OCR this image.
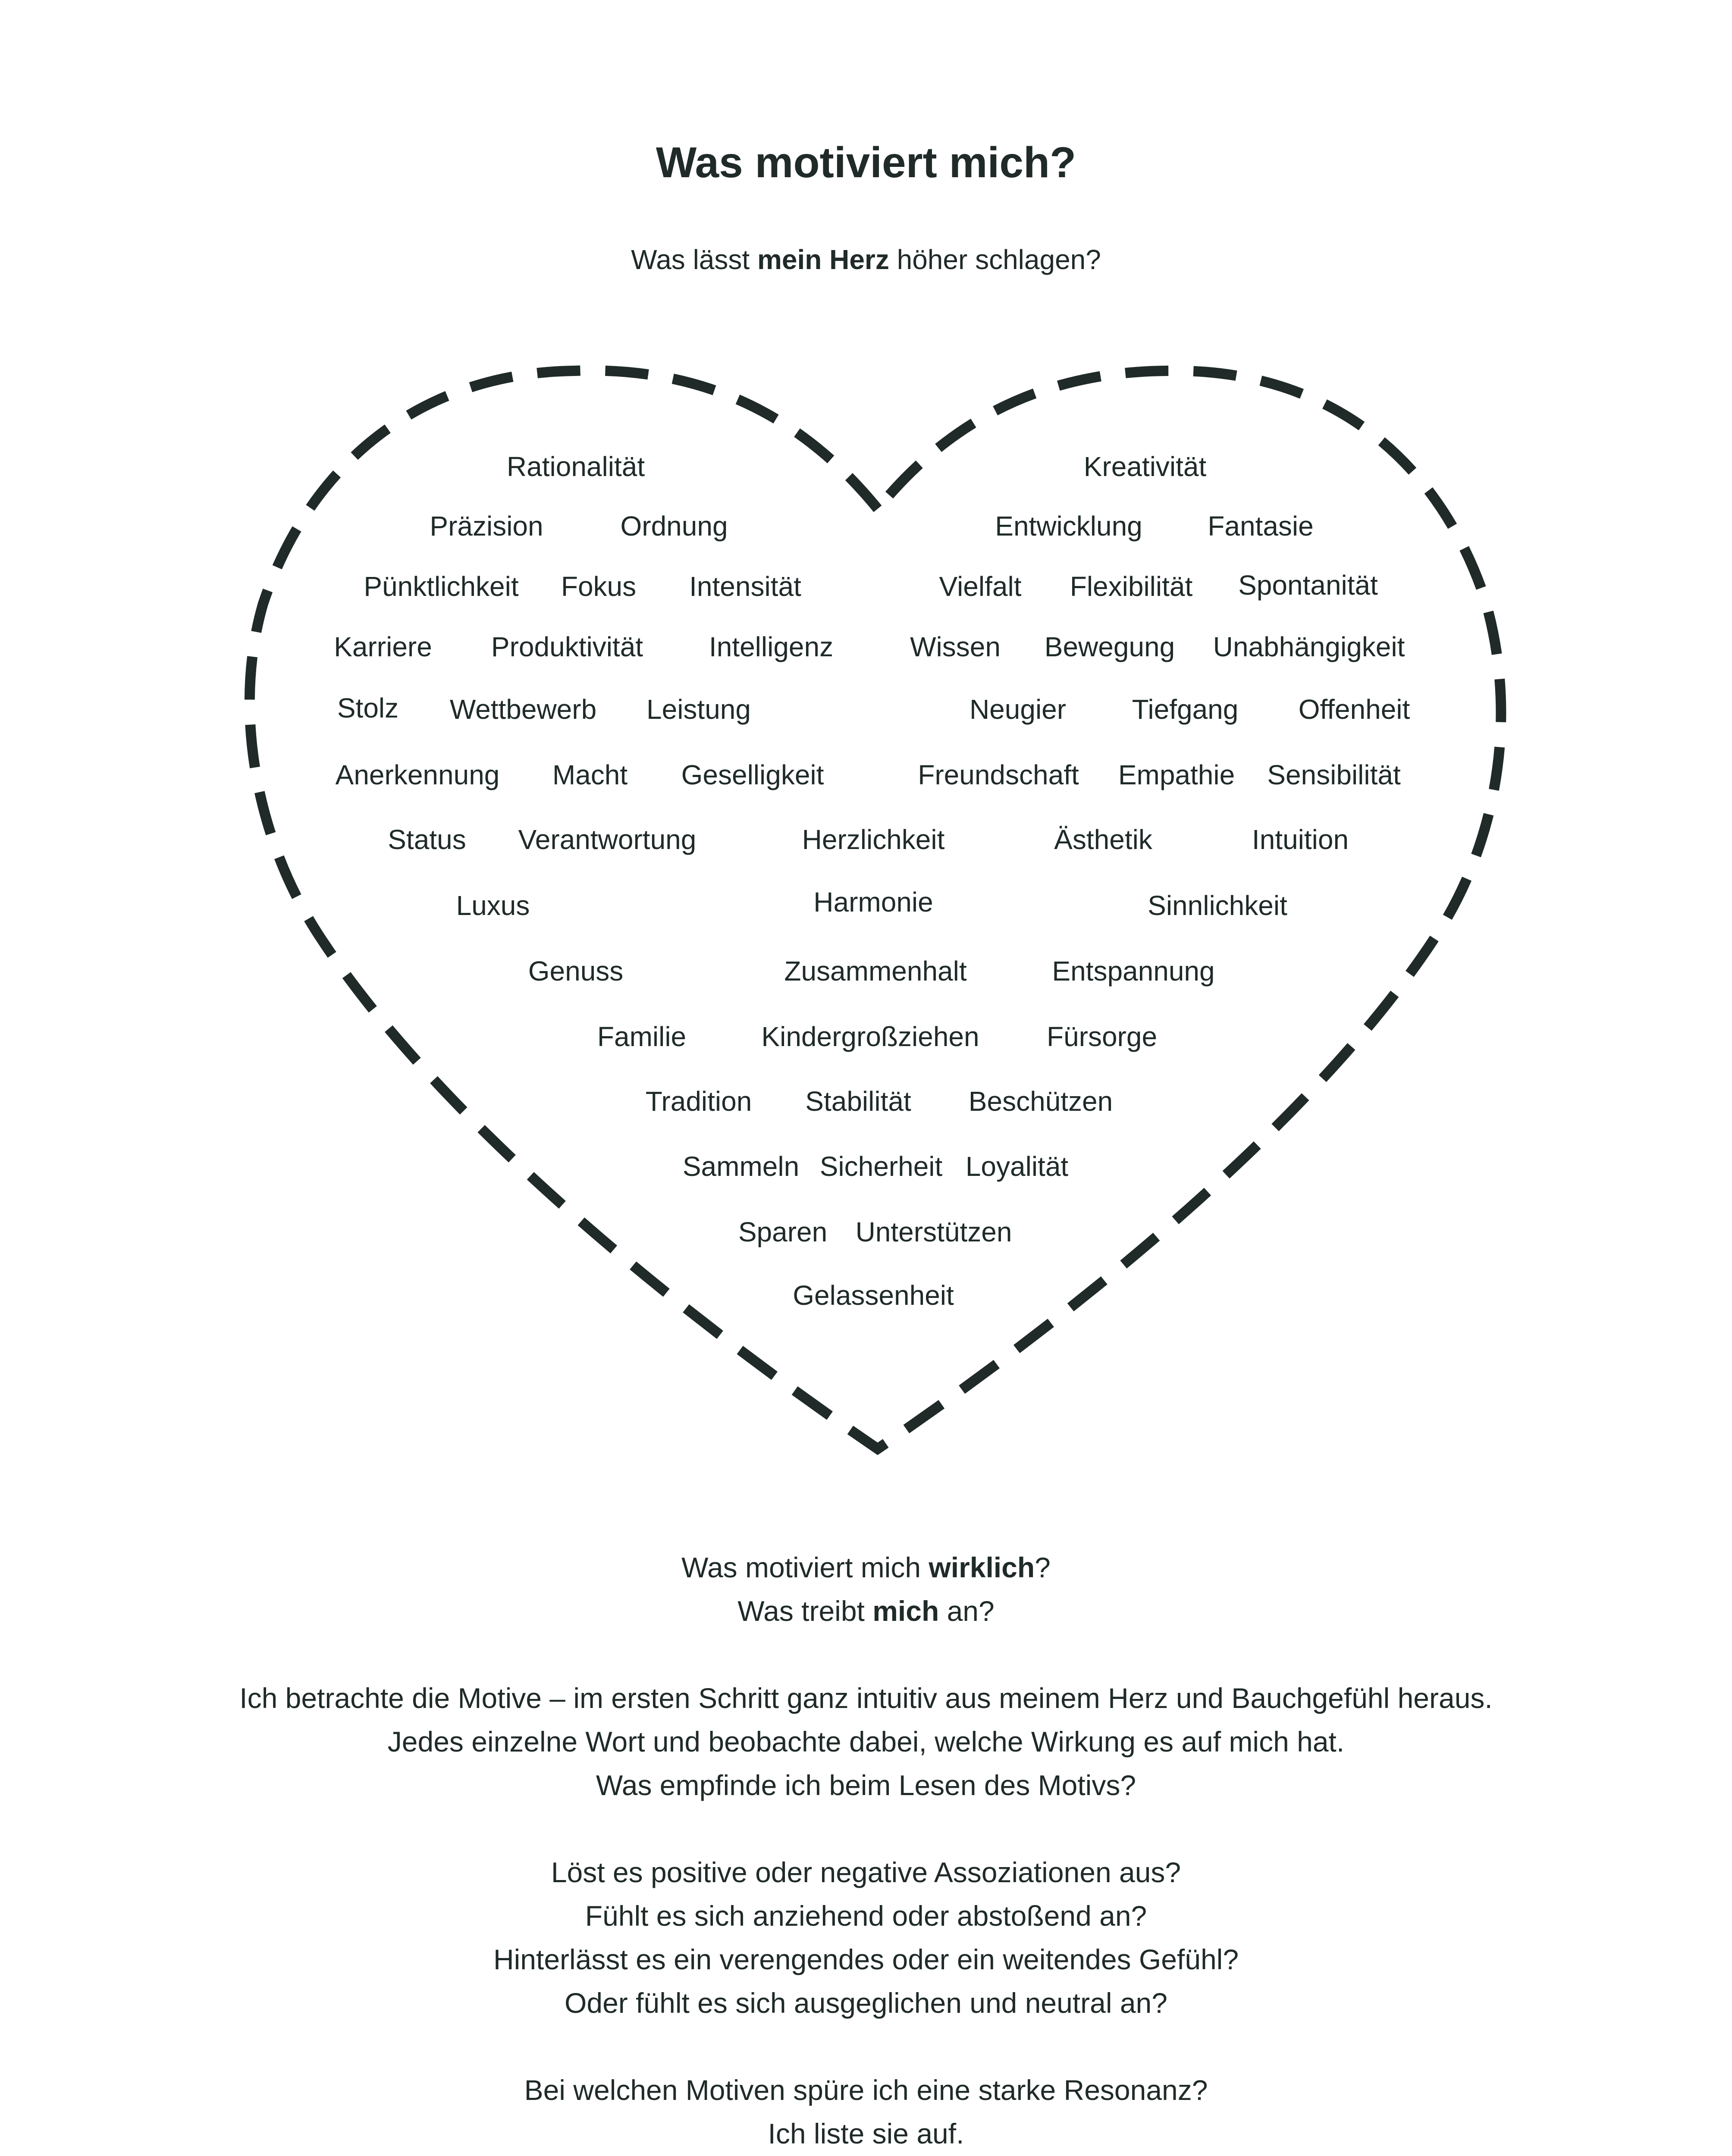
Was motiviert mich?

Was lässt mein Herz höher schlagen?

Rationalität	Kreativität
Präzision	Ordnung	Entwicklung Fantasie
Pünktlichkeit Fokus Intensität	Vielfalt Flexibilität Spontanität
Karriere Produktivität Intelligenz	Wissen Bewegung Unabhängigkeit
Stolz Wettbewerb Leistung	Neugier Tiefgang Offenheit
Anerkennung Macht Geselligkeit	Freundschaft Empathie Sensibilität
Status Verantwortung	Herzlichkeit	Ästhetik	Intuition
Luxus	Harmonie	Sinnlichkeit
Genuss	Zusammenhalt	Entspannung
Familie	Kindergroßziehen Fürsorge
Tradition Stabilität Beschützen
Sammeln Sicherheit Loyalität
Sparen Unterstützen
Gelassenheit

Was motiviert mich wirklich?

Was treibt mich an?

Ich betrachte die Motive – im ersten Schritt ganz intuitiv aus meinem Herz und Bauchgefühl heraus.

Jedes einzelne Wort und beobachte dabei, welche Wirkung es auf mich hat.

Was empfinde ich beim Lesen des Motivs?

Löst es positive oder negative Assoziationen aus?

Fühlt es sich anziehend oder abstoßend an?

Hinterlässt es ein verengendes oder ein weitendes Gefühl?

Oder fühlt es sich ausgeglichen und neutral an?

Bei welchen Motiven spüre ich eine starke Resonanz?

Ich liste sie auf.
